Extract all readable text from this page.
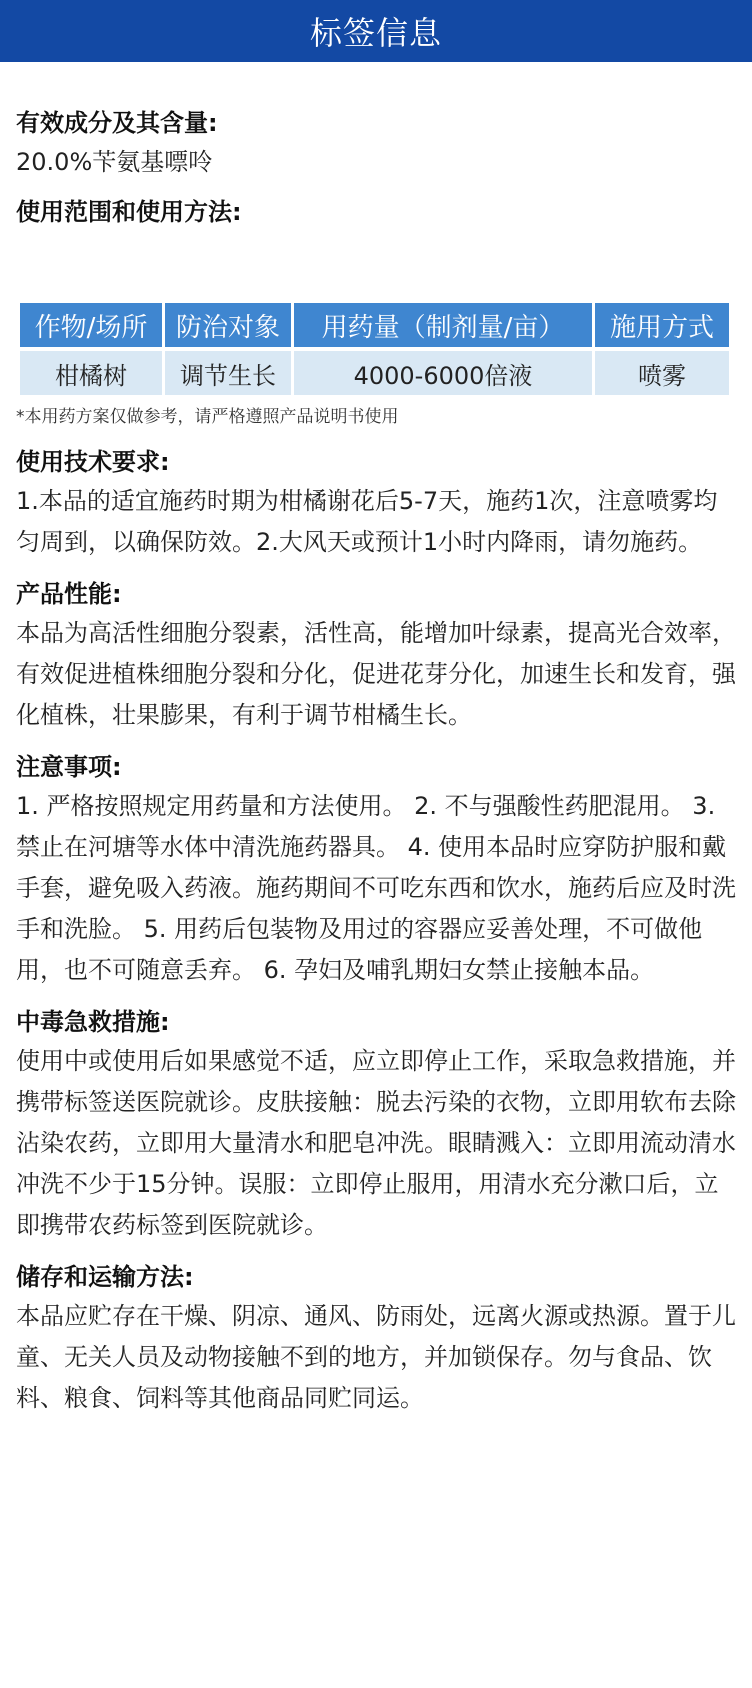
标签信息
有效成分及其含量:

20.0%苄氨基嘌呤

使用范围和使用方法:
作物/场所	防治对象	用药量（制剂量/亩）	施用方式
柑橘树	调节生长	4000-6000倍液	喷雾

*本用药方案仅做参考，请严格遵照产品说明书使用

使用技术要求:

1.本品的适宜施药时期为柑橘谢花后5-7天，施药1次，注意喷雾均匀周到，以确保防效。2.大风天或预计1小时内降雨，请勿施药。

产品性能:

本品为高活性细胞分裂素，活性高，能增加叶绿素，提高光合效率，有效促进植株细胞分裂和分化，促进花芽分化，加速生长和发育，强化植株，壮果膨果，有利于调节柑橘生长。

注意事项:

1. 严格按照规定用药量和方法使用。 2. 不与强酸性药肥混用。 3. 禁止在河塘等水体中清洗施药器具。 4. 使用本品时应穿防护服和戴手套，避免吸入药液。施药期间不可吃东西和饮水，施药后应及时洗手和洗脸。 5. 用药后包装物及用过的容器应妥善处理，不可做他用，也不可随意丢弃。 6. 孕妇及哺乳期妇女禁止接触本品。

中毒急救措施:

使用中或使用后如果感觉不适，应立即停止工作，采取急救措施，并携带标签送医院就诊。皮肤接触：脱去污染的衣物，立即用软布去除沾染农药，立即用大量清水和肥皂冲洗。眼睛溅入：立即用流动清水冲洗不少于15分钟。误服：立即停止服用，用清水充分漱口后，立即携带农药标签到医院就诊。

储存和运输方法:

本品应贮存在干燥、阴凉、通风、防雨处，远离火源或热源。置于儿童、无关人员及动物接触不到的地方，并加锁保存。勿与食品、饮料、粮食、饲料等其他商品同贮同运。
